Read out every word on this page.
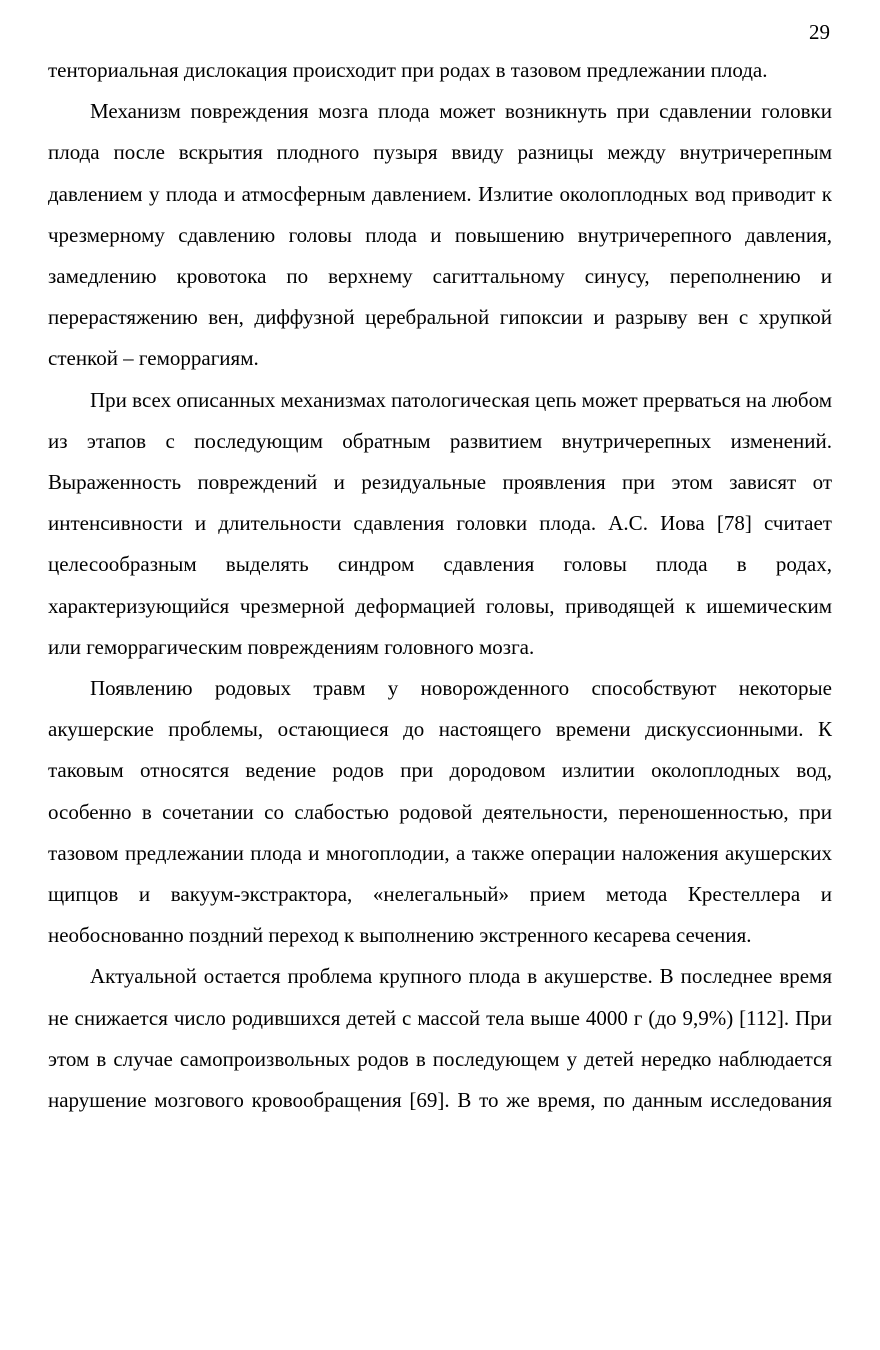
29

тенториальная дислокация происходит при родах в тазовом предлежании плода.

Механизм повреждения мозга плода может возникнуть при сдавлении головки плода после вскрытия плодного пузыря ввиду разницы между внутричерепным давлением у плода и атмосферным давлением. Излитие околоплодных вод приводит к чрезмерному сдавлению головы плода и повышению внутричерепного давления, замедлению кровотока по верхнему сагиттальному синусу, переполнению и перерастяжению вен, диффузной церебральной гипоксии и разрыву вен с хрупкой стенкой – геморрагиям.

При всех описанных механизмах патологическая цепь может прерваться на любом из этапов с последующим обратным развитием внутричерепных изменений. Выраженность повреждений и резидуальные проявления при этом зависят от интенсивности и длительности сдавления головки плода. А.С. Иова [78] считает целесообразным выделять синдром сдавления головы плода в родах, характеризующийся чрезмерной деформацией головы, приводящей к ишемическим или геморрагическим повреждениям головного мозга.

Появлению родовых травм у новорожденного способствуют некоторые акушерские проблемы, остающиеся до настоящего времени дискуссионными. К таковым относятся ведение родов при дородовом излитии околоплодных вод, особенно в сочетании со слабостью родовой деятельности, переношенностью, при тазовом предлежании плода и многоплодии, а также операции наложения акушерских щипцов и вакуум-экстрактора, «нелегальный» прием метода Крестеллера и необоснованно поздний переход к выполнению экстренного кесарева сечения.

Актуальной остается проблема крупного плода в акушерстве. В последнее время не снижается число родившихся детей с массой тела выше 4000 г (до 9,9%) [112]. При этом в случае самопроизвольных родов в последующем у детей нередко наблюдается нарушение мозгового кровообращения [69]. В то же время, по данным исследования
